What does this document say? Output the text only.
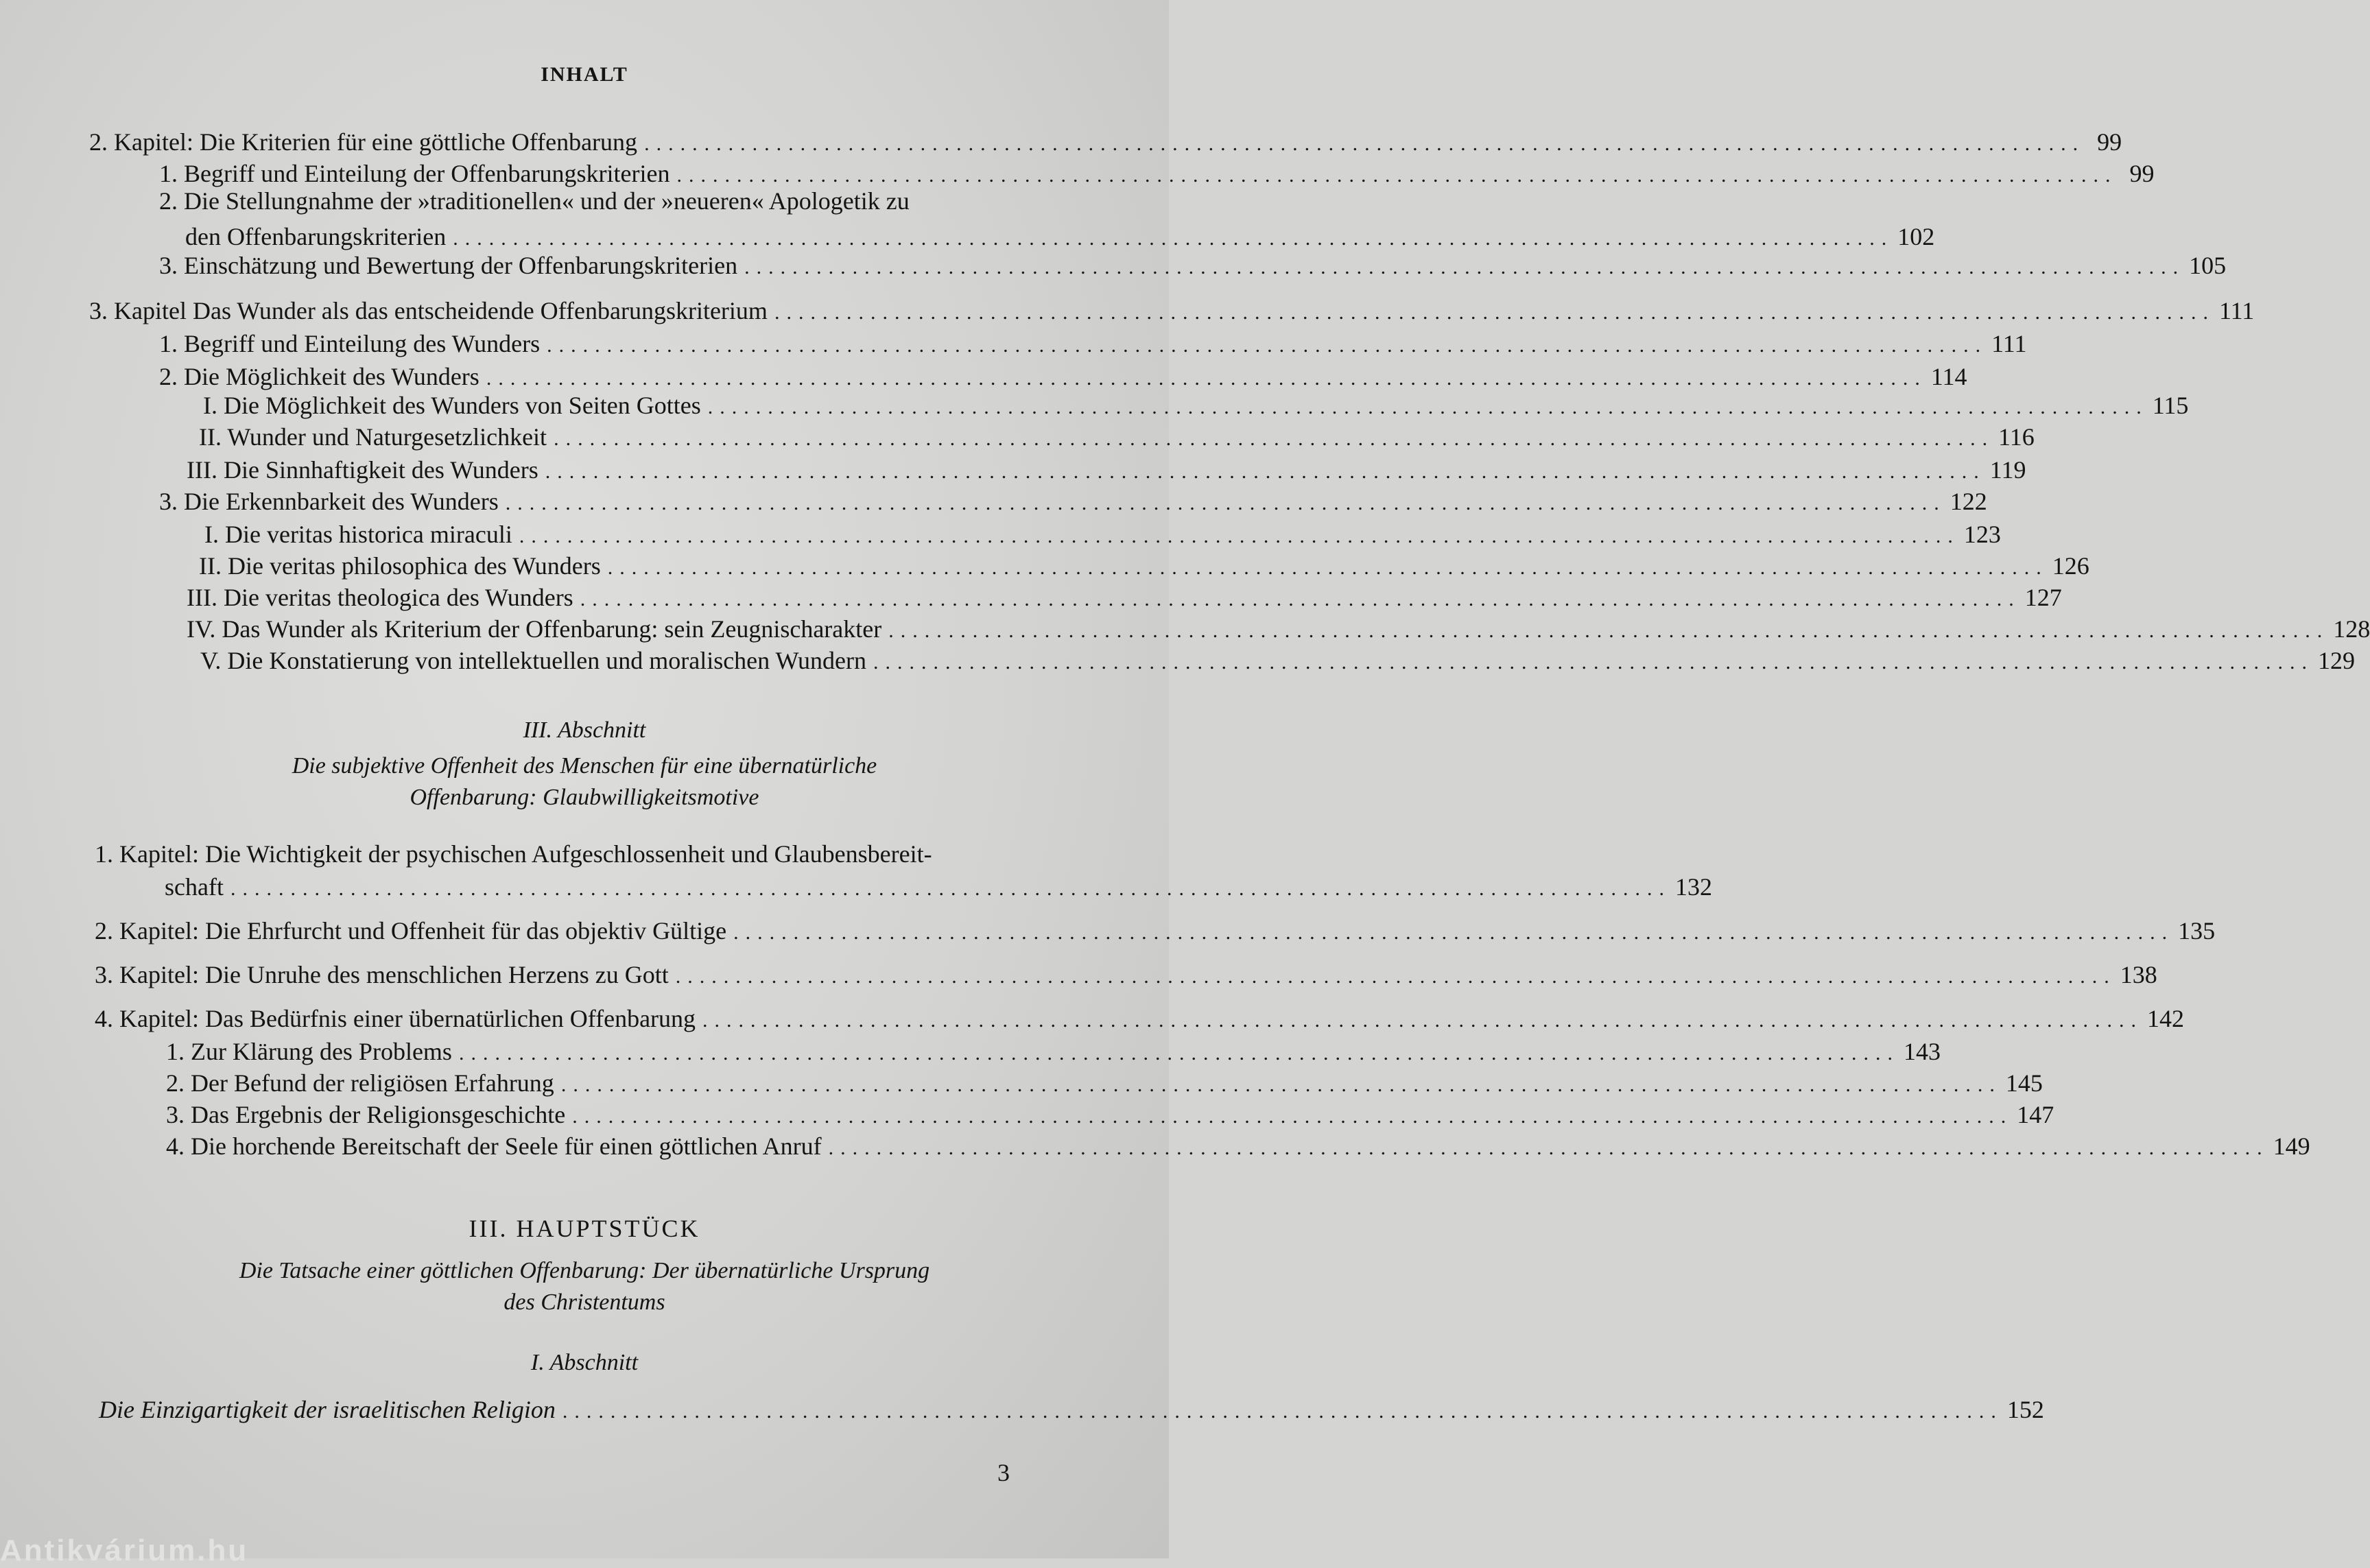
INHALT
2. Kapitel: Die Kriterien für eine göttliche Offenbarung ........................................................................................................................ 99
1. Begriff und Einteilung der Offenbarungskriterien ........................................................................................................................ 99
2. Die Stellungnahme der »traditionellen« und der »neueren« Apologetik zu
den Offenbarungskriterien ........................................................................................................................ 102
3. Einschätzung und Bewertung der Offenbarungskriterien ........................................................................................................................ 105
3. Kapitel Das Wunder als das entscheidende Offenbarungskriterium ........................................................................................................................ 111
1. Begriff und Einteilung des Wunders ........................................................................................................................ 111
2. Die Möglichkeit des Wunders ........................................................................................................................ 114
I. Die Möglichkeit des Wunders von Seiten Gottes ........................................................................................................................ 115
II. Wunder und Naturgesetzlichkeit ........................................................................................................................ 116
III. Die Sinnhaftigkeit des Wunders ........................................................................................................................ 119
3. Die Erkennbarkeit des Wunders ........................................................................................................................ 122
I. Die veritas historica miraculi ........................................................................................................................ 123
II. Die veritas philosophica des Wunders ........................................................................................................................ 126
III. Die veritas theologica des Wunders ........................................................................................................................ 127
IV. Das Wunder als Kriterium der Offenbarung: sein Zeugnischarakter ........................................................................................................................ 128
V. Die Konstatierung von intellektuellen und moralischen Wundern ........................................................................................................................ 129
III. Abschnitt
Die subjektive Offenheit des Menschen für eine übernatürliche
Offenbarung: Glaubwilligkeitsmotive
1. Kapitel: Die Wichtigkeit der psychischen Aufgeschlossenheit und Glaubensbereit-
schaft ........................................................................................................................ 132
2. Kapitel: Die Ehrfurcht und Offenheit für das objektiv Gültige ........................................................................................................................ 135
3. Kapitel: Die Unruhe des menschlichen Herzens zu Gott ........................................................................................................................ 138
4. Kapitel: Das Bedürfnis einer übernatürlichen Offenbarung ........................................................................................................................ 142
1. Zur Klärung des Problems ........................................................................................................................ 143
2. Der Befund der religiösen Erfahrung ........................................................................................................................ 145
3. Das Ergebnis der Religionsgeschichte ........................................................................................................................ 147
4. Die horchende Bereitschaft der Seele für einen göttlichen Anruf ........................................................................................................................ 149
III. HAUPTSTÜCK
Die Tatsache einer göttlichen Offenbarung: Der übernatürliche Ursprung
des Christentums
I. Abschnitt
Die Einzigartigkeit der israelitischen Religion ........................................................................................................................ 152
3
Antikvárium.hu
